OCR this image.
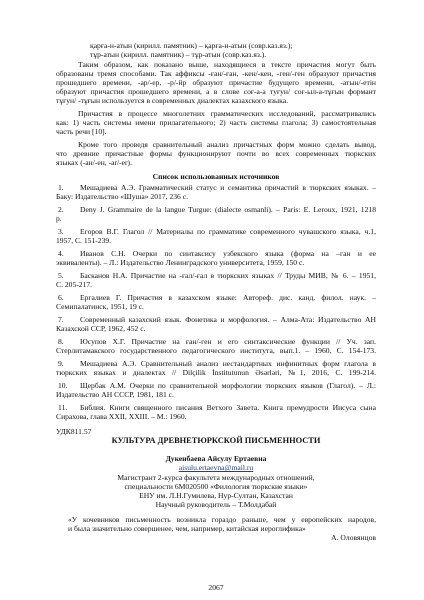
қарға-н-атын (кирилл. памятник) – қарға-н-атын (совр.каз.яз.);
тұр-атын (кирилл. памятник) – тұр-атын (совр.каз.яз.).
Таким образом, как показано выше, находящиеся в тексте причастия могут быть
образованы тремя способами. Так аффиксы -ған/-ған, -кен/-кен, -ген/-ген образуют причастия
прошедшего времени, -ар/-ер, -р/-йр образуют причастие будущего времени, -атын/-етін
образуют причастия прошедшего времени, а в слове соғ-а-а туғун/ соғ-ыл-а-тұғын формант
тұғун/ -тұғын используется в современных диалектах казахского языка.
Причастия в процессе многолетних грамматических исследований, рассматривались
как: 1) часть системы имени прилагательного; 2) часть системы глагола; 3) самостоятельная
часть речи [10].
Кроме того проведя сравнительный анализ причастных форм можно сделать вывод,
что древние причастные формы функционируют почти во всех современных тюркских
языках (-ан/-ен, -ar/-er).
Список использованных источников
1. Мешадиева А.Э. Грамматический статус и семантика причастий в тюркских языках. –
Баку: Издательство «Шуша» 2017, 236 с.
2. Deny J. Grammaire de la langue Turgue: (dialecte osmanli). – Paris: E. Leroux, 1921, 1218
p.
3. Егоров В.Г. Глагол // Материалы по грамматике современного чувашского языка, ч.1,
1957, С. 151-239.
4. Иванов С.Н. Очерки по синтаксису узбекского языка (форма на –ган и ее
эквиваленты). – Л.: Издательство Ленинградского университета, 1959, 150 с.
5. Басканов Н.А. Причастие на -ғал/-ғал в тюркских языках // Труды МИВ, № 6. – 1951,
С. 205-217.
6. Ергалиев Г. Причастия в казахском языке: Автореф. дис. канд. филол. наук. –
Семипалатинск, 1951, 19 с.
7. Современный казахский язык. Фонетика и морфология. – Алма-Ата: Издательство АН
Казахской ССР, 1962, 452 с.
8. Юсупов Х.Г. Причастие на ған/-ген и его синтаксические функции // Уч. зап.
Стерлитамакского государственного педагогического института, вып.1. – 1960, С. 154-173.
9. Мешадиева А.Э. Сравнительный анализ нестандартных инфинитных форм глагола в
тюркских языках и диалектах // Dilçilik İnstitutunun Əsərləri, №1, 2016, С. 199-214.
10. Щербак А.М. Очерки по сравнительной морфологии тюркских языков (Глагол). – Л.:
Издательство АН СССР, 1981, 181 с.
11. Библия. Книги священного писания Ветхого Завета. Книга премудрости Иисуса сына
Сирахова, глава XXII, XXIII. – М.: 1960.
УДК811.57
КУЛЬТУРА ДРЕВНЕТЮРКСКОЙ ПИСЬМЕННОСТИ
Дукенбаева Айсулу Ертаевна
aisulu.ertaevna@mail.ru
Магистрант 2-курса факультета международных отношений,
специальности 6М020500 «Филология тюркские языки»
ЕНУ им. Л.Н.Гумилева, Нур-Султан, Казахстан
Научный руководитель – Т.Молдабай
«У кочевников письменность возникла гораздо раньше, чем у европейских народов,
и была значительно совершенее, чем, например, китайская иероглифика»
А. Оловянцов
2067
